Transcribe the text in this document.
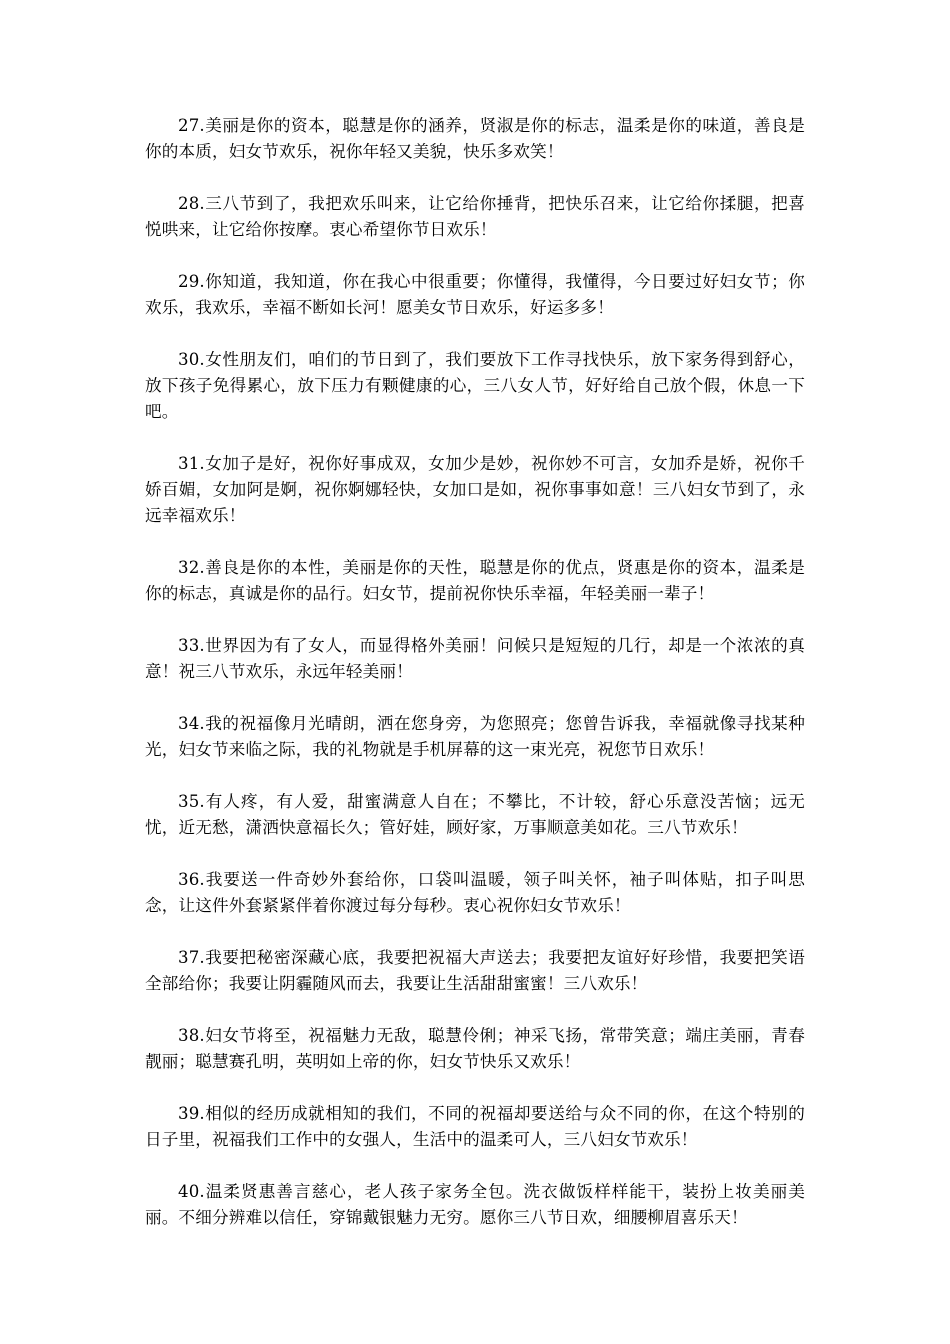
27.美丽是你的资本，聪慧是你的涵养，贤淑是你的标志，温柔是你的味道，善良是你的本质，妇女节欢乐，祝你年轻又美貌，快乐多欢笑！

28.三八节到了，我把欢乐叫来，让它给你捶背，把快乐召来，让它给你揉腿，把喜悦哄来，让它给你按摩。衷心希望你节日欢乐！

29.你知道，我知道，你在我心中很重要；你懂得，我懂得，今日要过好妇女节；你欢乐，我欢乐，幸福不断如长河！愿美女节日欢乐，好运多多！

30.女性朋友们，咱们的节日到了，我们要放下工作寻找快乐，放下家务得到舒心，放下孩子免得累心，放下压力有颗健康的心，三八女人节，好好给自己放个假，休息一下吧。

31.女加子是好，祝你好事成双，女加少是妙，祝你妙不可言，女加乔是娇，祝你千娇百媚，女加阿是婀，祝你婀娜轻快，女加口是如，祝你事事如意！三八妇女节到了，永远幸福欢乐！

32.善良是你的本性，美丽是你的天性，聪慧是你的优点，贤惠是你的资本，温柔是你的标志，真诚是你的品行。妇女节，提前祝你快乐幸福，年轻美丽一辈子！

33.世界因为有了女人，而显得格外美丽！问候只是短短的几行，却是一个浓浓的真意！祝三八节欢乐，永远年轻美丽！

34.我的祝福像月光晴朗，洒在您身旁，为您照亮；您曾告诉我，幸福就像寻找某种光，妇女节来临之际，我的礼物就是手机屏幕的这一束光亮，祝您节日欢乐！

35.有人疼，有人爱，甜蜜满意人自在；不攀比，不计较，舒心乐意没苦恼；远无忧，近无愁，潇洒快意福长久；管好娃，顾好家，万事顺意美如花。三八节欢乐！

36.我要送一件奇妙外套给你，口袋叫温暖，领子叫关怀，袖子叫体贴，扣子叫思念，让这件外套紧紧伴着你渡过每分每秒。衷心祝你妇女节欢乐！

37.我要把秘密深藏心底，我要把祝福大声送去；我要把友谊好好珍惜，我要把笑语全部给你；我要让阴霾随风而去，我要让生活甜甜蜜蜜！三八欢乐！

38.妇女节将至，祝福魅力无敌，聪慧伶俐；神采飞扬，常带笑意；端庄美丽，青春靓丽；聪慧赛孔明，英明如上帝的你，妇女节快乐又欢乐！

39.相似的经历成就相知的我们，不同的祝福却要送给与众不同的你，在这个特别的日子里，祝福我们工作中的女强人，生活中的温柔可人，三八妇女节欢乐！

40.温柔贤惠善言慈心，老人孩子家务全包。洗衣做饭样样能干，装扮上妆美丽美丽。不细分辨难以信任，穿锦戴银魅力无穷。愿你三八节日欢，细腰柳眉喜乐天！
